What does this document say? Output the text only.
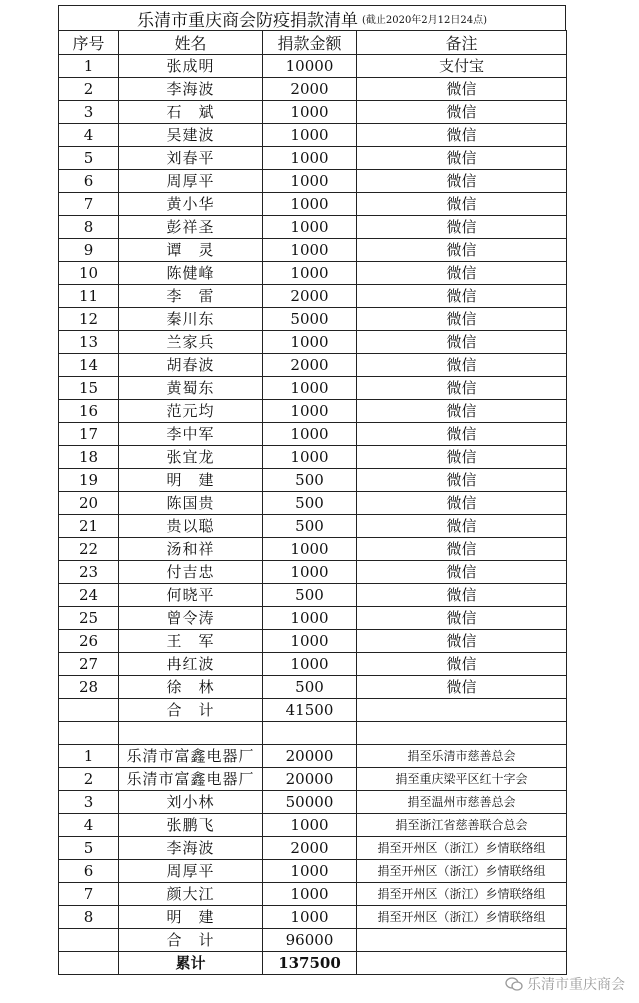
乐清市重庆商会防疫捐款清单 (截止2020年2月12日24点)
序号	姓名	捐款金额	备注
1	张成明	10000	支付宝
2	李海波	2000	微信
3	石　斌	1000	微信
4	吴建波	1000	微信
5	刘春平	1000	微信
6	周厚平	1000	微信
7	黄小华	1000	微信
8	彭祥圣	1000	微信
9	谭　灵	1000	微信
10	陈健峰	1000	微信
11	李　雷	2000	微信
12	秦川东	5000	微信
13	兰家兵	1000	微信
14	胡春波	2000	微信
15	黄蜀东	1000	微信
16	范元均	1000	微信
17	李中军	1000	微信
18	张宜龙	1000	微信
19	明　建	500	微信
20	陈国贵	500	微信
21	贵以聪	500	微信
22	汤和祥	1000	微信
23	付吉忠	1000	微信
24	何晓平	500	微信
25	曾令涛	1000	微信
26	王　军	1000	微信
27	冉红波	1000	微信
28	徐　林	500	微信
	合　计	41500	

1	乐清市富鑫电器厂	20000	捐至乐清市慈善总会
2	乐清市富鑫电器厂	20000	捐至重庆梁平区红十字会
3	刘小林	50000	捐至温州市慈善总会
4	张鹏飞	1000	捐至浙江省慈善联合总会
5	李海波	2000	捐至开州区（浙江）乡情联络组
6	周厚平	1000	捐至开州区（浙江）乡情联络组
7	颜大江	1000	捐至开州区（浙江）乡情联络组
8	明　建	1000	捐至开州区（浙江）乡情联络组
	合　计	96000	
	累计	137500	
乐清市重庆商会
